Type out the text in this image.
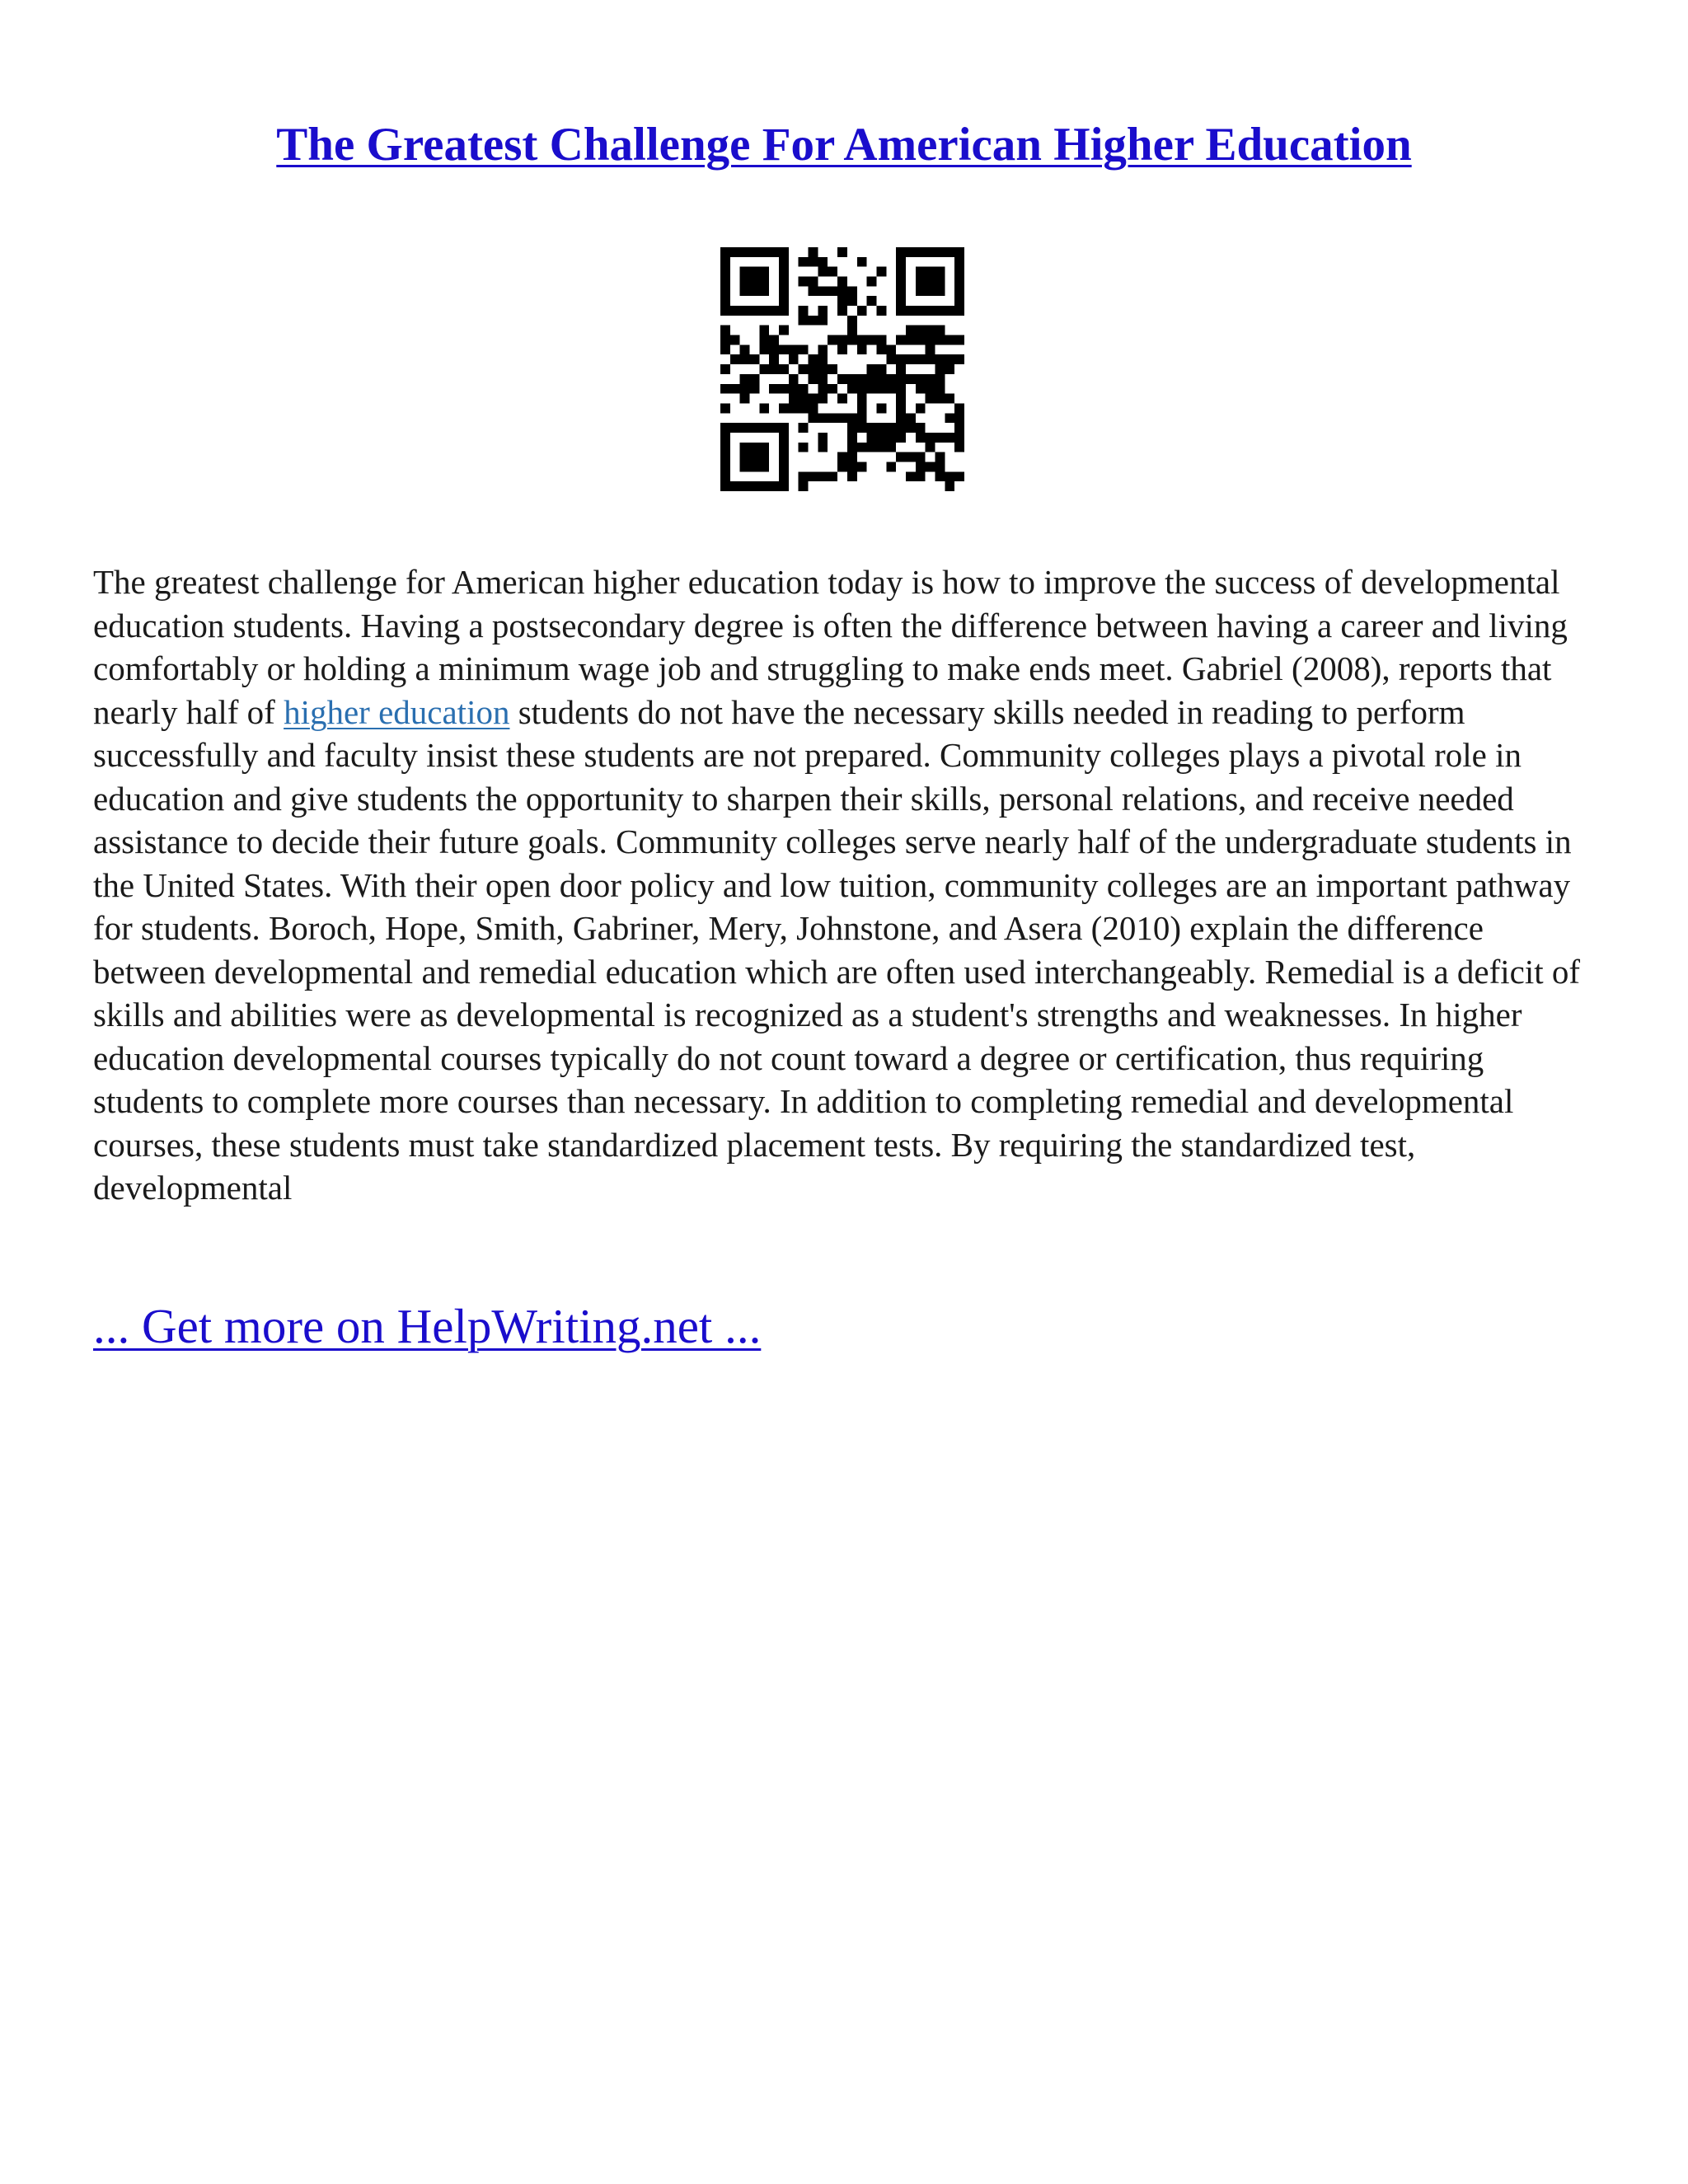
The Greatest Challenge For American Higher Education

The greatest challenge for American higher education today is how to improve the success of developmental education students. Having a postsecondary degree is often the difference between having a career and living comfortably or holding a minimum wage job and struggling to make ends meet. Gabriel (2008), reports that nearly half of higher education students do not have the necessary skills needed in reading to perform successfully and faculty insist these students are not prepared. Community colleges plays a pivotal role in education and give students the opportunity to sharpen their skills, personal relations, and receive needed assistance to decide their future goals. Community colleges serve nearly half of the undergraduate students in the United States. With their open door policy and low tuition, community colleges are an important pathway for students. Boroch, Hope, Smith, Gabriner, Mery, Johnstone, and Asera (2010) explain the difference between developmental and remedial education which are often used interchangeably. Remedial is a deficit of skills and abilities were as developmental is recognized as a student's strengths and weaknesses. In higher education developmental courses typically do not count toward a degree or certification, thus requiring students to complete more courses than necessary. In addition to completing remedial and developmental courses, these students must take standardized placement tests. By requiring the standardized test, developmental

... Get more on HelpWriting.net ...
